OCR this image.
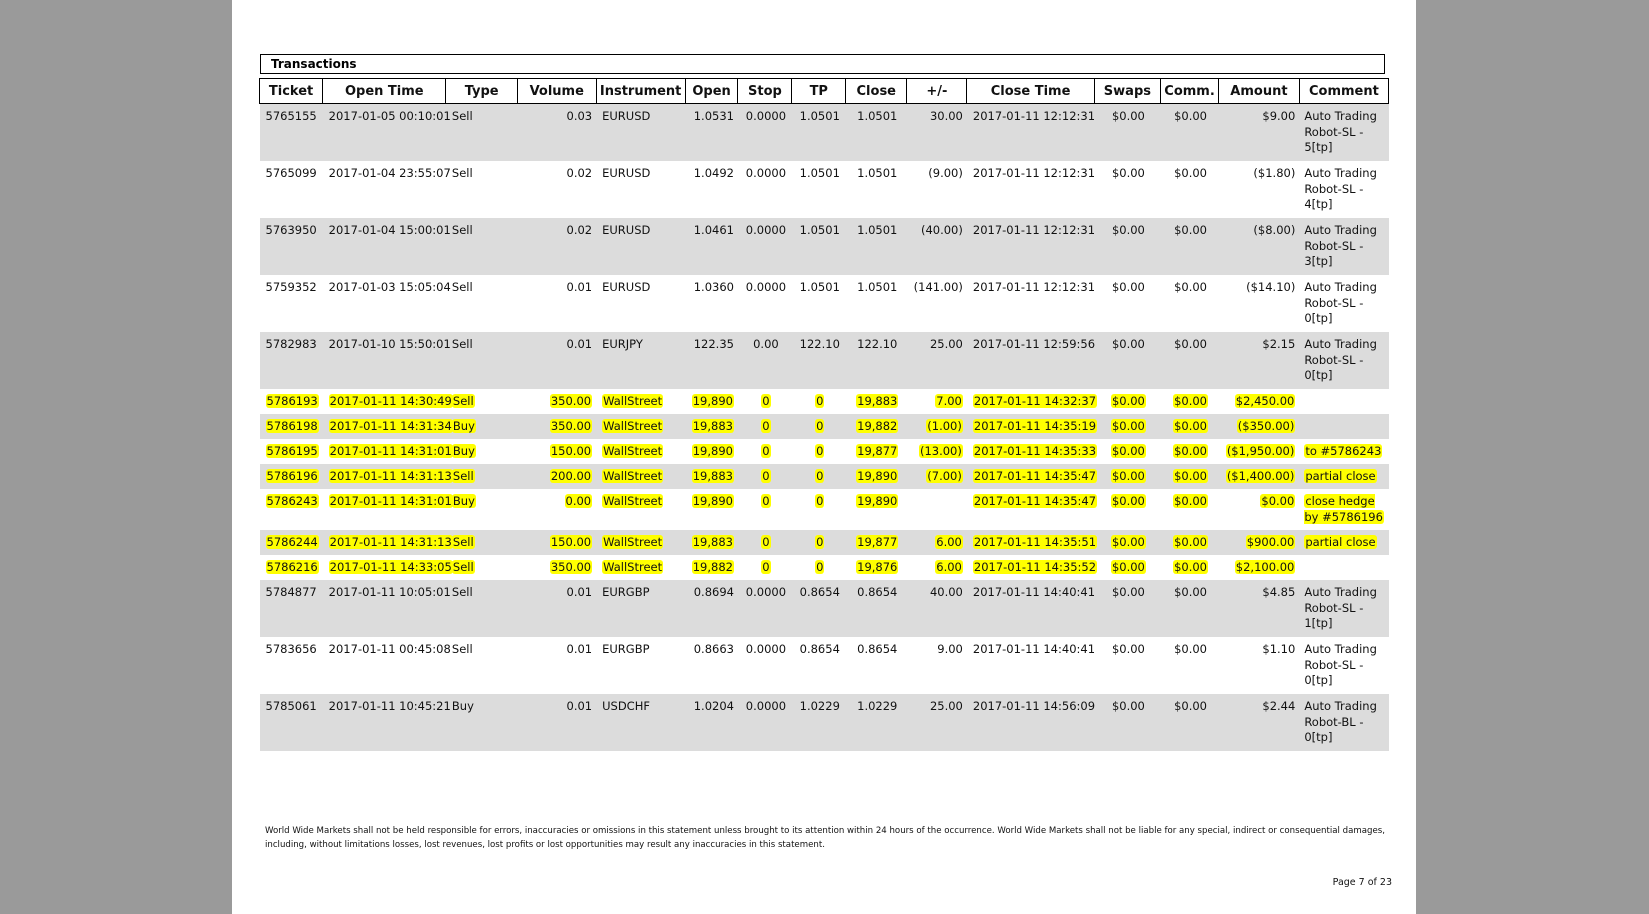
Transactions
Ticket	Open Time	Type	Volume	Instrument	Open	Stop	TP	Close	+/-	Close Time	Swaps	Comm.	Amount	Comment
5765155	2017-01-05 00:10:01	Sell	0.03	EURUSD	1.0531	0.0000	1.0501	1.0501	30.00	2017-01-11 12:12:31	$0.00	$0.00	$9.00	Auto Trading Robot-SL - 5[tp]
5765099	2017-01-04 23:55:07	Sell	0.02	EURUSD	1.0492	0.0000	1.0501	1.0501	(9.00)	2017-01-11 12:12:31	$0.00	$0.00	($1.80)	Auto Trading Robot-SL - 4[tp]
5763950	2017-01-04 15:00:01	Sell	0.02	EURUSD	1.0461	0.0000	1.0501	1.0501	(40.00)	2017-01-11 12:12:31	$0.00	$0.00	($8.00)	Auto Trading Robot-SL - 3[tp]
5759352	2017-01-03 15:05:04	Sell	0.01	EURUSD	1.0360	0.0000	1.0501	1.0501	(141.00)	2017-01-11 12:12:31	$0.00	$0.00	($14.10)	Auto Trading Robot-SL - 0[tp]
5782983	2017-01-10 15:50:01	Sell	0.01	EURJPY	122.35	0.00	122.10	122.10	25.00	2017-01-11 12:59:56	$0.00	$0.00	$2.15	Auto Trading Robot-SL - 0[tp]
5786193	2017-01-11 14:30:49	Sell	350.00	WallStreet	19,890	0	0	19,883	7.00	2017-01-11 14:32:37	$0.00	$0.00	$2,450.00	
5786198	2017-01-11 14:31:34	Buy	350.00	WallStreet	19,883	0	0	19,882	(1.00)	2017-01-11 14:35:19	$0.00	$0.00	($350.00)	
5786195	2017-01-11 14:31:01	Buy	150.00	WallStreet	19,890	0	0	19,877	(13.00)	2017-01-11 14:35:33	$0.00	$0.00	($1,950.00)	to #5786243
5786196	2017-01-11 14:31:13	Sell	200.00	WallStreet	19,883	0	0	19,890	(7.00)	2017-01-11 14:35:47	$0.00	$0.00	($1,400.00)	partial close
5786243	2017-01-11 14:31:01	Buy	0.00	WallStreet	19,890	0	0	19,890		2017-01-11 14:35:47	$0.00	$0.00	$0.00	close hedge by #5786196
5786244	2017-01-11 14:31:13	Sell	150.00	WallStreet	19,883	0	0	19,877	6.00	2017-01-11 14:35:51	$0.00	$0.00	$900.00	partial close
5786216	2017-01-11 14:33:05	Sell	350.00	WallStreet	19,882	0	0	19,876	6.00	2017-01-11 14:35:52	$0.00	$0.00	$2,100.00	
5784877	2017-01-11 10:05:01	Sell	0.01	EURGBP	0.8694	0.0000	0.8654	0.8654	40.00	2017-01-11 14:40:41	$0.00	$0.00	$4.85	Auto Trading Robot-SL - 1[tp]
5783656	2017-01-11 00:45:08	Sell	0.01	EURGBP	0.8663	0.0000	0.8654	0.8654	9.00	2017-01-11 14:40:41	$0.00	$0.00	$1.10	Auto Trading Robot-SL - 0[tp]
5785061	2017-01-11 10:45:21	Buy	0.01	USDCHF	1.0204	0.0000	1.0229	1.0229	25.00	2017-01-11 14:56:09	$0.00	$0.00	$2.44	Auto Trading Robot-BL - 0[tp]
World Wide Markets shall not be held responsible for errors, inaccuracies or omissions in this statement unless brought to its attention within 24 hours of the occurrence. World Wide Markets shall not be liable for any special, indirect or consequential damages, including, without limitations losses, lost revenues, lost profits or lost opportunities may result any inaccuracies in this statement.
Page 7 of 23
